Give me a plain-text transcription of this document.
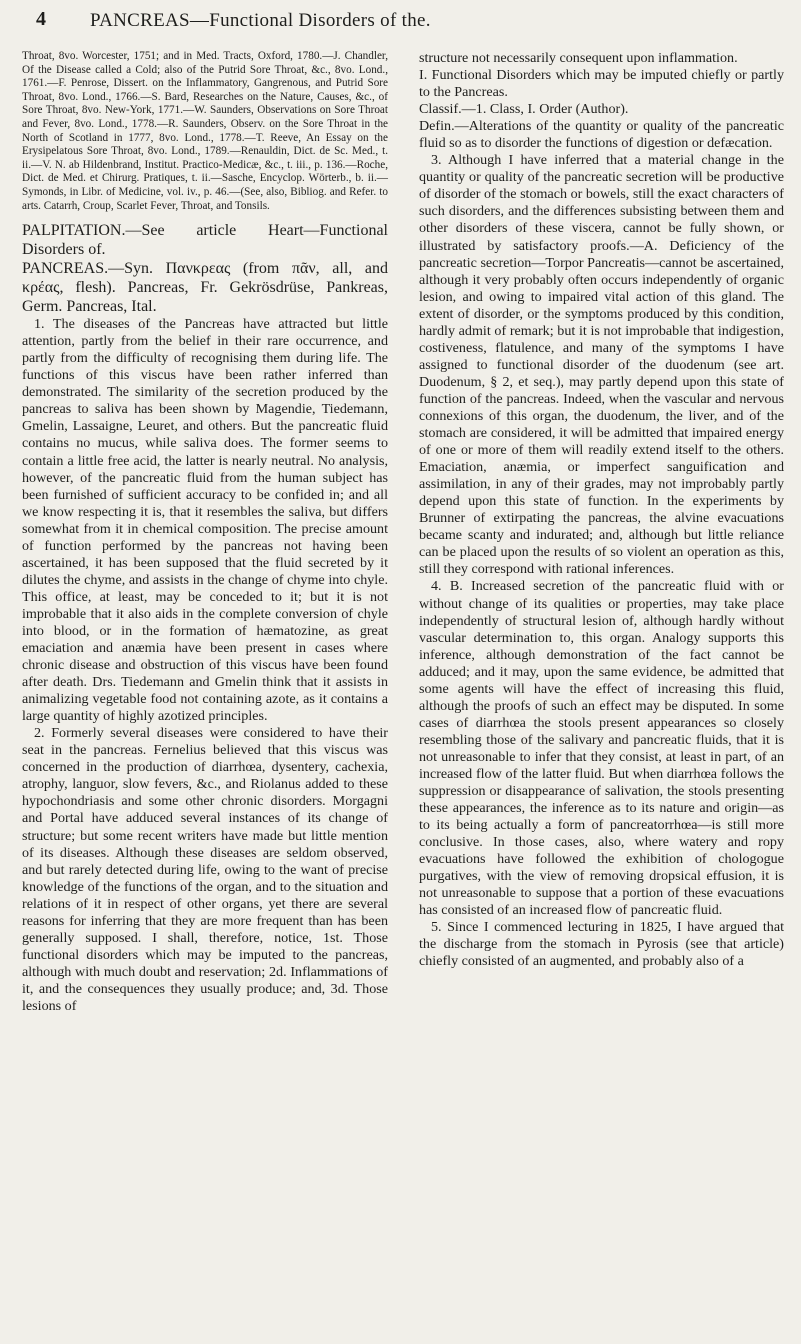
4 PANCREAS—Functional Disorders of the.

Throat, 8vo. Worcester, 1751; and in Med. Tracts, Oxford, 1780.—J. Chandler, Of the Disease called a Cold; also of the Putrid Sore Throat, &c., 8vo. Lond., 1761.—F. Penrose, Dissert. on the Inflammatory, Gangrenous, and Putrid Sore Throat, 8vo. Lond., 1766.—S. Bard, Researches on the Nature, Causes, &c., of Sore Throat, 8vo. New-York, 1771.—W. Saunders, Observations on Sore Throat and Fever, 8vo. Lond., 1778.—R. Saunders, Observ. on the Sore Throat in the North of Scotland in 1777, 8vo. Lond., 1778.—T. Reeve, An Essay on the Erysipelatous Sore Throat, 8vo. Lond., 1789.—Renauldin, Dict. de Sc. Med., t. ii.—V. N. ab Hildenbrand, Institut. Practico-Medicæ, &c., t. iii., p. 136.—Roche, Dict. de Med. et Chirurg. Pratiques, t. ii.—Sasche, Encyclop. Wörterb., b. ii.—Symonds, in Libr. of Medicine, vol. iv., p. 46.—(See, also, Bibliog. and Refer. to arts. Catarrh, Croup, Scarlet Fever, Throat, and Tonsils.

PALPITATION.—See article Heart—Functional Disorders of.

PANCREAS.—Syn. Πανκρεας (from πᾶν, all, and κρέας, flesh). Pancreas, Fr. Gekrösdrüse, Pankreas, Germ. Pancreas, Ital.

1. The diseases of the Pancreas have attracted but little attention, partly from the belief in their rare occurrence, and partly from the difficulty of recognising them during life. The functions of this viscus have been rather inferred than demonstrated. The similarity of the secretion produced by the pancreas to saliva has been shown by Magendie, Tiedemann, Gmelin, Lassaigne, Leuret, and others. But the pancreatic fluid contains no mucus, while saliva does. The former seems to contain a little free acid, the latter is nearly neutral. No analysis, however, of the pancreatic fluid from the human subject has been furnished of sufficient accuracy to be confided in; and all we know respecting it is, that it resembles the saliva, but differs somewhat from it in chemical composition. The precise amount of function performed by the pancreas not having been ascertained, it has been supposed that the fluid secreted by it dilutes the chyme, and assists in the change of chyme into chyle. This office, at least, may be conceded to it; but it is not improbable that it also aids in the complete conversion of chyle into blood, or in the formation of hæmatozine, as great emaciation and anæmia have been present in cases where chronic disease and obstruction of this viscus have been found after death. Drs. Tiedemann and Gmelin think that it assists in animalizing vegetable food not containing azote, as it contains a large quantity of highly azotized principles.

2. Formerly several diseases were considered to have their seat in the pancreas. Fernelius believed that this viscus was concerned in the production of diarrhœa, dysentery, cachexia, atrophy, languor, slow fevers, &c., and Riolanus added to these hypochondriasis and some other chronic disorders. Morgagni and Portal have adduced several instances of its change of structure; but some recent writers have made but little mention of its diseases. Although these diseases are seldom observed, and but rarely detected during life, owing to the want of precise knowledge of the functions of the organ, and to the situation and relations of it in respect of other organs, yet there are several reasons for inferring that they are more frequent than has been generally supposed. I shall, therefore, notice, 1st. Those functional disorders which may be imputed to the pancreas, although with much doubt and reservation; 2d. Inflammations of it, and the consequences they usually produce; and, 3d. Those lesions of

structure not necessarily consequent upon inflammation.

I. Functional Disorders which may be imputed chiefly or partly to the Pancreas.

Classif.—1. Class, I. Order (Author).

Defin.—Alterations of the quantity or quality of the pancreatic fluid so as to disorder the functions of digestion or defæcation.

3. Although I have inferred that a material change in the quantity or quality of the pancreatic secretion will be productive of disorder of the stomach or bowels, still the exact characters of such disorders, and the differences subsisting between them and other disorders of these viscera, cannot be fully shown, or illustrated by satisfactory proofs.—A. Deficiency of the pancreatic secretion—Torpor Pancreatis—cannot be ascertained, although it very probably often occurs independently of organic lesion, and owing to impaired vital action of this gland. The extent of disorder, or the symptoms produced by this condition, hardly admit of remark; but it is not improbable that indigestion, costiveness, flatulence, and many of the symptoms I have assigned to functional disorder of the duodenum (see art. Duodenum, § 2, et seq.), may partly depend upon this state of function of the pancreas. Indeed, when the vascular and nervous connexions of this organ, the duodenum, the liver, and of the stomach are considered, it will be admitted that impaired energy of one or more of them will readily extend itself to the others. Emaciation, anæmia, or imperfect sanguification and assimilation, in any of their grades, may not improbably partly depend upon this state of function. In the experiments by Brunner of extirpating the pancreas, the alvine evacuations became scanty and indurated; and, although but little reliance can be placed upon the results of so violent an operation as this, still they correspond with rational inferences.

4. B. Increased secretion of the pancreatic fluid with or without change of its qualities or properties, may take place independently of structural lesion of, although hardly without vascular determination to, this organ. Analogy supports this inference, although demonstration of the fact cannot be adduced; and it may, upon the same evidence, be admitted that some agents will have the effect of increasing this fluid, although the proofs of such an effect may be disputed. In some cases of diarrhœa the stools present appearances so closely resembling those of the salivary and pancreatic fluids, that it is not unreasonable to infer that they consist, at least in part, of an increased flow of the latter fluid. But when diarrhœa follows the suppression or disappearance of salivation, the stools presenting these appearances, the inference as to its nature and origin—as to its being actually a form of pancreatorrhœa—is still more conclusive. In those cases, also, where watery and ropy evacuations have followed the exhibition of chologogue purgatives, with the view of removing dropsical effusion, it is not unreasonable to suppose that a portion of these evacuations has consisted of an increased flow of pancreatic fluid.

5. Since I commenced lecturing in 1825, I have argued that the discharge from the stomach in Pyrosis (see that article) chiefly consisted of an augmented, and probably also of a
